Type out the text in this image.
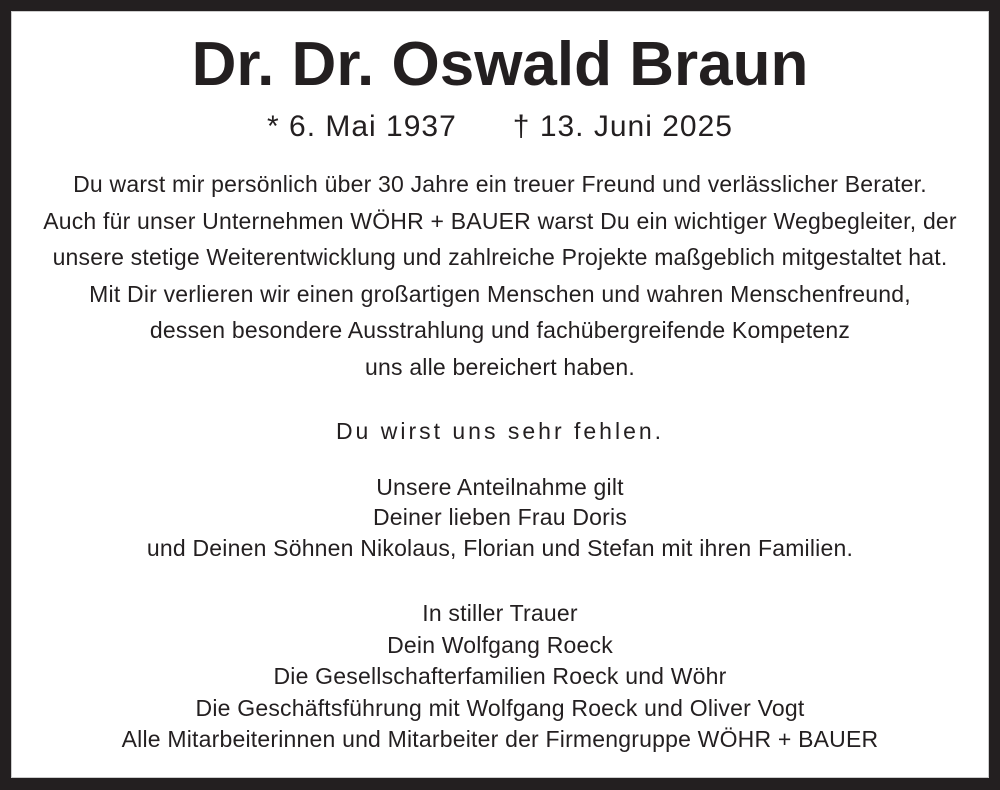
Dr. Dr. Oswald Braun
* 6. Mai 1937 † 13. Juni 2025
Du warst mir persönlich über 30 Jahre ein treuer Freund und verlässlicher Berater.
Auch für unser Unternehmen WÖHR + BAUER warst Du ein wichtiger Wegbegleiter, der
unsere stetige Weiterentwicklung und zahlreiche Projekte maßgeblich mitgestaltet hat.
Mit Dir verlieren wir einen großartigen Menschen und wahren Menschenfreund,
dessen besondere Ausstrahlung und fachübergreifende Kompetenz
uns alle bereichert haben.
Du wirst uns sehr fehlen.
Unsere Anteilnahme gilt
Deiner lieben Frau Doris
und Deinen Söhnen Nikolaus, Florian und Stefan mit ihren Familien.
In stiller Trauer
Dein Wolfgang Roeck
Die Gesellschafterfamilien Roeck und Wöhr
Die Geschäftsführung mit Wolfgang Roeck und Oliver Vogt
Alle Mitarbeiterinnen und Mitarbeiter der Firmengruppe WÖHR + BAUER
